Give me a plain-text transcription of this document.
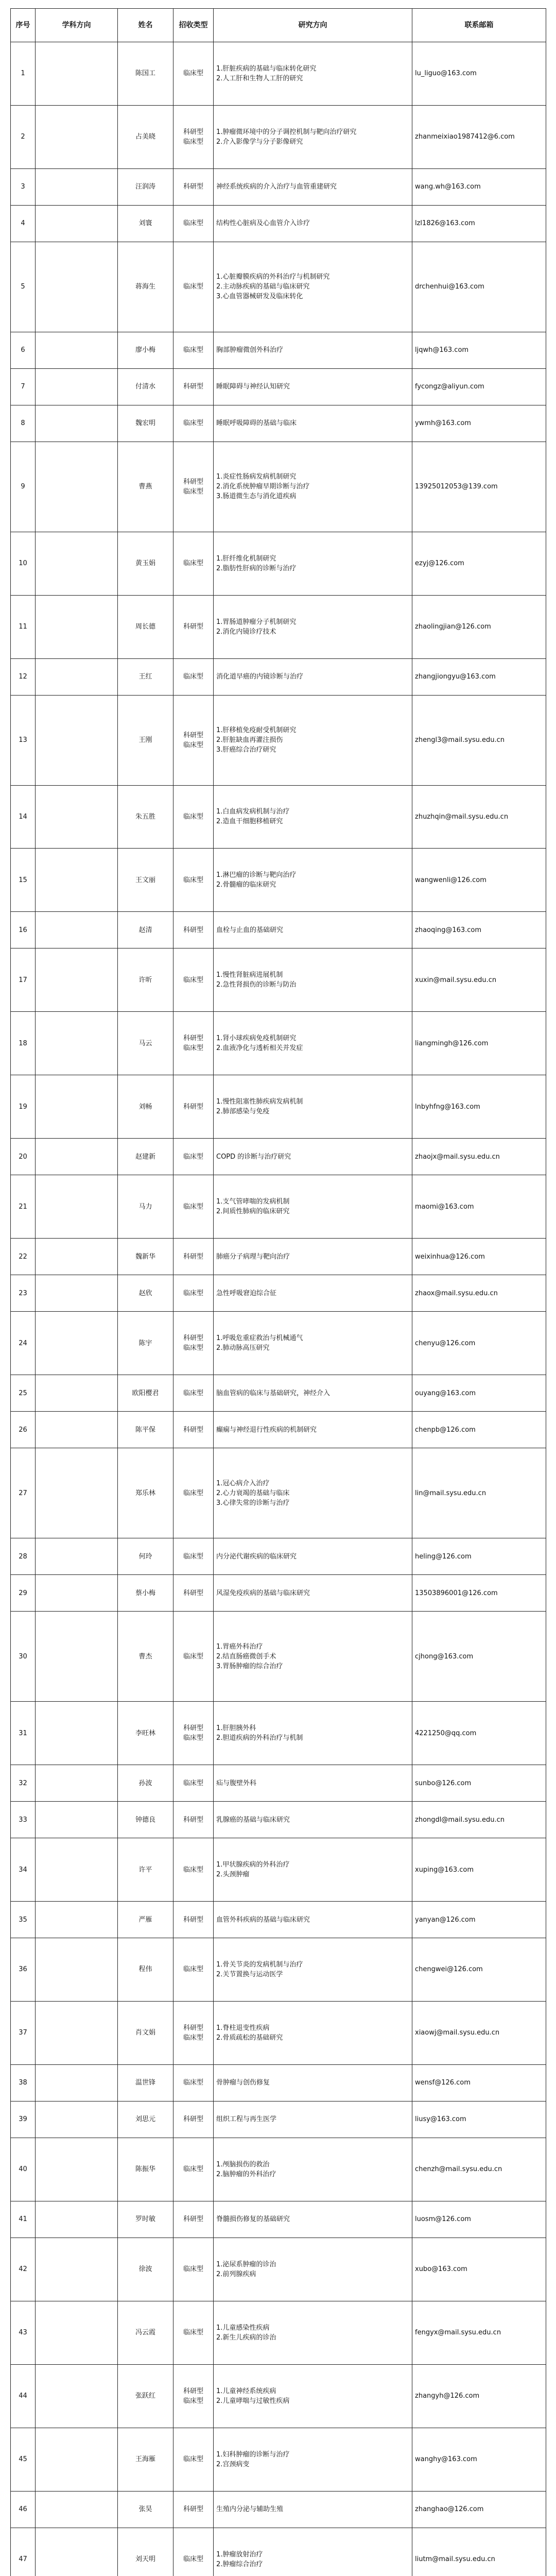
序号	学科方向	姓名	招收类型	研究方向	联系邮箱
1		陈国工	临床型	1.肝脏疾病的基础与临床转化研究
2.人工肝和生物人工肝的研究	lu_liguo@163.com
2		占美晓	科研型
临床型	1.肿瘤微环境中的分子调控机制与靶向治疗研究
2.介入影像学与分子影像研究	zhanmeixiao1987412@6.com
3		汪润涛	科研型	神经系统疾病的介入治疗与血管重建研究	wang.wh@163.com
4		刘寰	临床型	结构性心脏病及心血管介入诊疗	lzl1826@163.com
5		蒋海生	临床型	1.心脏瓣膜疾病的外科治疗与机制研究
2.主动脉疾病的基础与临床研究
3.心血管器械研发及临床转化	drchenhui@163.com
6		廖小梅	临床型	胸部肿瘤微创外科治疗	ljqwh@163.com
7		付清水	科研型	睡眠障碍与神经认知研究	fycongz@aliyun.com
8		魏宏明	临床型	睡眠呼吸障碍的基础与临床	ywmh@163.com
9		曹燕	科研型
临床型	1.炎症性肠病发病机制研究
2.消化系统肿瘤早期诊断与治疗
3.肠道微生态与消化道疾病	13925012053@139.com
10		黄玉娟	临床型	1.肝纤维化机制研究
2.脂肪性肝病的诊断与治疗	ezyj@126.com
11		周长德	科研型	1.胃肠道肿瘤分子机制研究
2.消化内镜诊疗技术	zhaolingjian@126.com
12		王红	临床型	消化道早癌的内镜诊断与治疗	zhangjiongyu@163.com
13		王刚	科研型
临床型	1.肝移植免疫耐受机制研究
2.肝脏缺血再灌注损伤
3.肝癌综合治疗研究	zhengl3@mail.sysu.edu.cn
14		朱五胜	临床型	1.白血病发病机制与治疗
2.造血干细胞移植研究	zhuzhqin@mail.sysu.edu.cn
15		王文丽	临床型	1.淋巴瘤的诊断与靶向治疗
2.骨髓瘤的临床研究	wangwenli@126.com
16		赵清	科研型	血栓与止血的基础研究	zhaoqing@163.com
17		许昕	临床型	1.慢性肾脏病进展机制
2.急性肾损伤的诊断与防治	xuxin@mail.sysu.edu.cn
18		马云	科研型
临床型	1.肾小球疾病免疫机制研究
2.血液净化与透析相关并发症	liangmingh@126.com
19		刘畅	科研型	1.慢性阻塞性肺疾病发病机制
2.肺部感染与免疫	lnbyhfng@163.com
20		赵建新	临床型	COPD 的诊断与治疗研究	zhaojx@mail.sysu.edu.cn
21		马力	临床型	1.支气管哮喘的发病机制
2.间质性肺病的临床研究	maomi@163.com
22		魏新华	科研型	肺癌分子病理与靶向治疗	weixinhua@126.com
23		赵欣	临床型	急性呼吸窘迫综合征	zhaox@mail.sysu.edu.cn
24		陈宇	科研型
临床型	1.呼吸危重症救治与机械通气
2.肺动脉高压研究	chenyu@126.com
25		欧阳樱君	临床型	脑血管病的临床与基础研究，神经介入	ouyang@163.com
26		陈平保	科研型	癫痫与神经退行性疾病的机制研究	chenpb@126.com
27		郑乐林	临床型	1.冠心病介入治疗
2.心力衰竭的基础与临床
3.心律失常的诊断与治疗	lin@mail.sysu.edu.cn
28		何玲	临床型	内分泌代谢疾病的临床研究	heling@126.com
29		蔡小梅	科研型	风湿免疫疾病的基础与临床研究	13503896001@126.com
30		曹杰	临床型	1.胃癌外科治疗
2.结直肠癌微创手术
3.胃肠肿瘤的综合治疗	cjhong@163.com
31		李旺林	科研型
临床型	1.肝胆胰外科
2.胆道疾病的外科治疗与机制	4221250@qq.com
32		孙波	临床型	疝与腹壁外科	sunbo@126.com
33		钟德良	科研型	乳腺癌的基础与临床研究	zhongdl@mail.sysu.edu.cn
34		许平	临床型	1.甲状腺疾病的外科治疗
2.头颈肿瘤	xuping@163.com
35		严雁	科研型	血管外科疾病的基础与临床研究	yanyan@126.com
36		程伟	临床型	1.骨关节炎的发病机制与治疗
2.关节置换与运动医学	chengwei@126.com
37		肖文娟	科研型
临床型	1.脊柱退变性疾病
2.骨质疏松的基础研究	xiaowj@mail.sysu.edu.cn
38		温世锋	临床型	骨肿瘤与创伤修复	wensf@126.com
39		刘思元	科研型	组织工程与再生医学	liusy@163.com
40		陈振华	临床型	1.颅脑损伤的救治
2.脑肿瘤的外科治疗	chenzh@mail.sysu.edu.cn
41		罗时敏	科研型	脊髓损伤修复的基础研究	luosm@126.com
42		徐波	临床型	1.泌尿系肿瘤的诊治
2.前列腺疾病	xubo@163.com
43		冯云霞	临床型	1.儿童感染性疾病
2.新生儿疾病的诊治	fengyx@mail.sysu.edu.cn
44		张跃红	科研型
临床型	1.儿童神经系统疾病
2.儿童哮喘与过敏性疾病	zhangyh@126.com
45		王海雁	临床型	1.妇科肿瘤的诊断与治疗
2.宫颈病变	wanghy@163.com
46		张昊	科研型	生殖内分泌与辅助生殖	zhanghao@126.com
47		刘天明	临床型	1.肿瘤放射治疗
2.肿瘤综合治疗	liutm@mail.sysu.edu.cn
